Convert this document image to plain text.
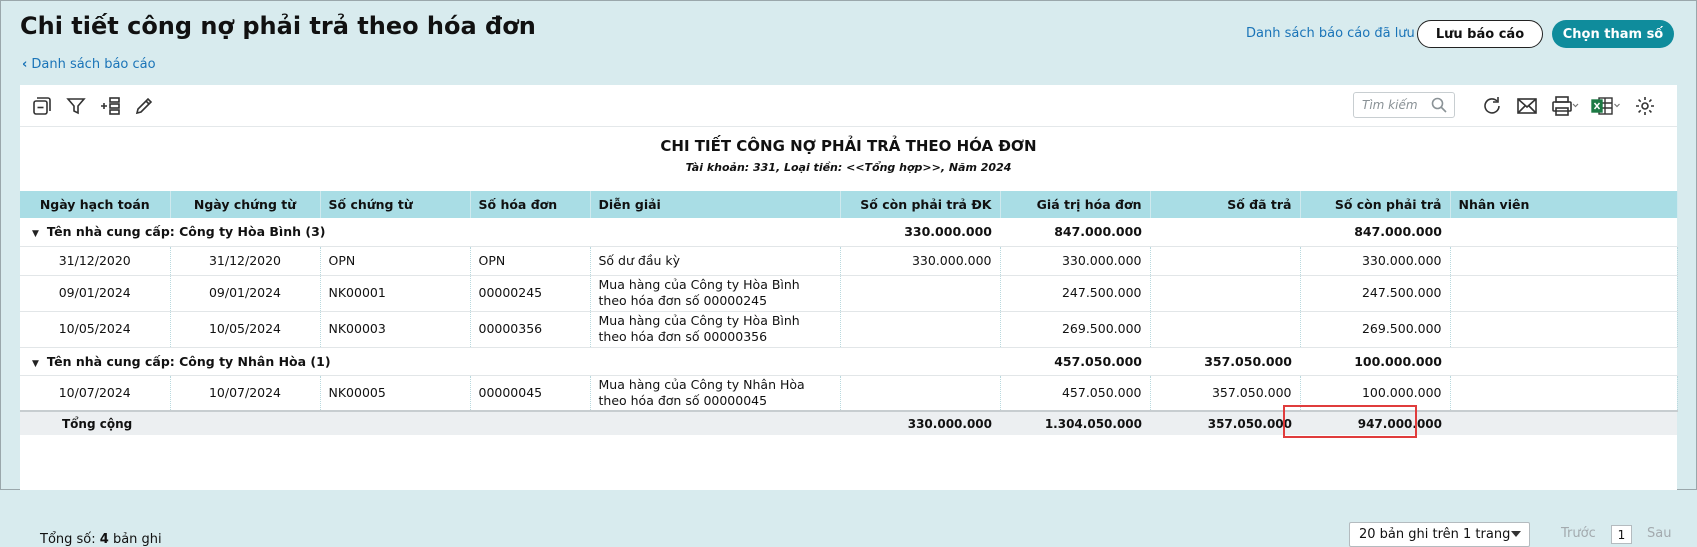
Chi tiết công nợ phải trả theo hóa đơn
‹ Danh sách báo cáo
Danh sách báo cáo đã lưu	Lưu báo cáo	Chọn tham số
Tìm kiếm
CHI TIẾT CÔNG NỢ PHẢI TRẢ THEO HÓA ĐƠN
Tài khoản: 331, Loại tiền: <<Tổng hợp>>, Năm 2024
Ngày hạch toán	Ngày chứng từ	Số chứng từ	Số hóa đơn	Diễn giải	Số còn phải trả ĐK	Giá trị hóa đơn	Số đã trả	Số còn phải trả	Nhân viên
▼ Tên nhà cung cấp: Công ty Hòa Bình (3)					330.000.000	847.000.000		847.000.000	
31/12/2020	31/12/2020	OPN	OPN	Số dư đầu kỳ	330.000.000	330.000.000		330.000.000	
09/01/2024	09/01/2024	NK00001	00000245	Mua hàng của Công ty Hòa Bình theo hóa đơn số 00000245		247.500.000		247.500.000	
10/05/2024	10/05/2024	NK00003	00000356	Mua hàng của Công ty Hòa Bình theo hóa đơn số 00000356		269.500.000		269.500.000	
▼ Tên nhà cung cấp: Công ty Nhân Hòa (1)						457.050.000	357.050.000	100.000.000	
10/07/2024	10/07/2024	NK00005	00000045	Mua hàng của Công ty Nhân Hòa theo hóa đơn số 00000045		457.050.000	357.050.000	100.000.000	
Tổng cộng					330.000.000	1.304.050.000	357.050.000	947.000.000	
Tổng số: 4 bản ghi	20 bản ghi trên 1 trang	Trước	1	Sau
